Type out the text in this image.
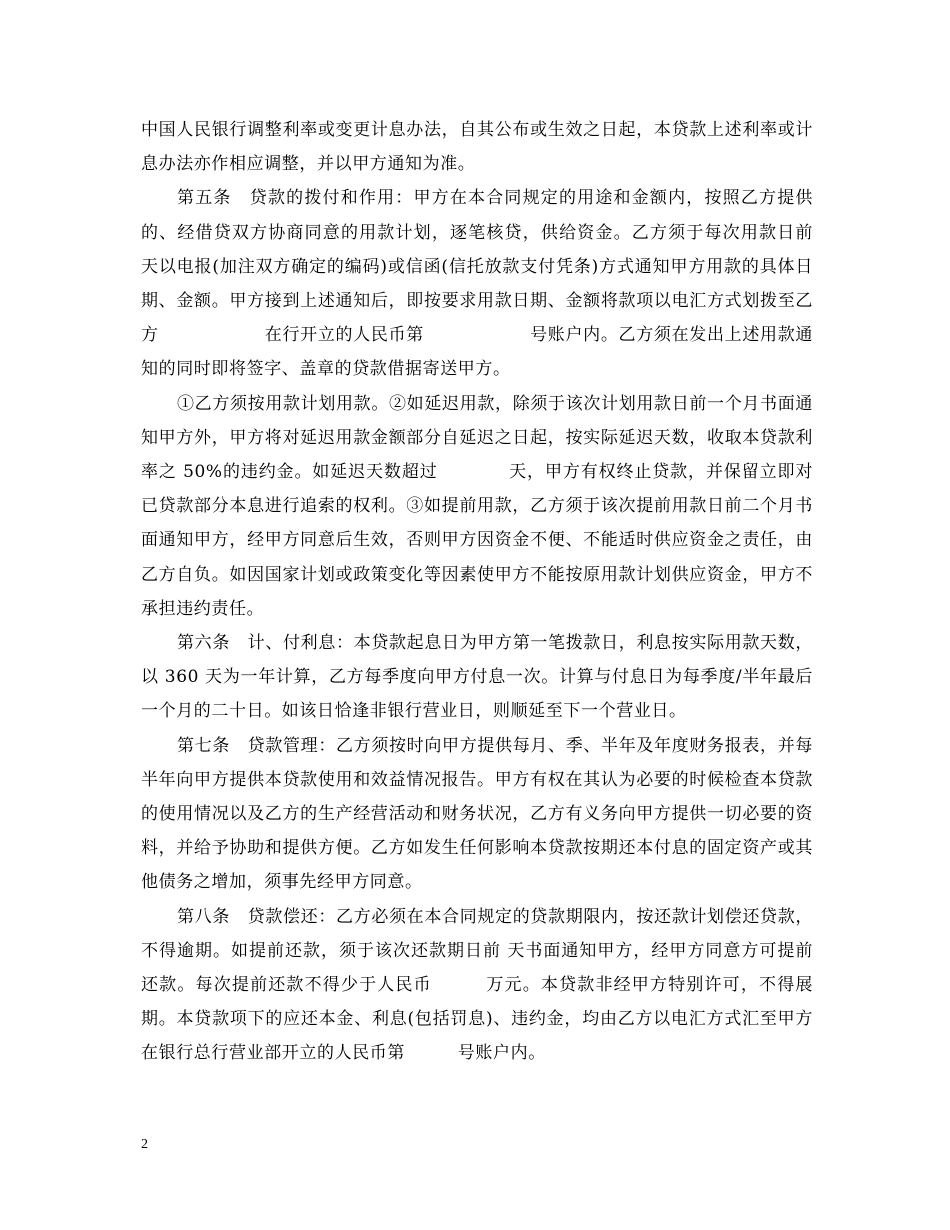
中国人民银行调整利率或变更计息办法，自其公布或生效之日起，本贷款上述利率或计息办法亦作相应调整，并以甲方通知为准。

第五条　贷款的拨付和作用：甲方在本合同规定的用途和金额内，按照乙方提供的、经借贷双方协商同意的用款计划，逐笔核贷，供给资金。乙方须于每次用款日前 天以电报(加注双方确定的编码)或信函(信托放款支付凭条)方式通知甲方用款的具体日期、金额。甲方接到上述通知后，即按要求用款日期、金额将款项以电汇方式划拨至乙方　　　　　　在行开立的人民币第　　　　　　号账户内。乙方须在发出上述用款通知的同时即将签字、盖章的贷款借据寄送甲方。

①乙方须按用款计划用款。②如延迟用款，除须于该次计划用款日前一个月书面通知甲方外，甲方将对延迟用款金额部分自延迟之日起，按实际延迟天数，收取本贷款利率之 50%的违约金。如延迟天数超过　　　　天，甲方有权终止贷款，并保留立即对已贷款部分本息进行追索的权利。③如提前用款，乙方须于该次提前用款日前二个月书面通知甲方，经甲方同意后生效，否则甲方因资金不便、不能适时供应资金之责任，由乙方自负。如因国家计划或政策变化等因素使甲方不能按原用款计划供应资金，甲方不承担违约责任。

第六条　计、付利息：本贷款起息日为甲方第一笔拨款日，利息按实际用款天数，以 360 天为一年计算，乙方每季度向甲方付息一次。计算与付息日为每季度/半年最后一个月的二十日。如该日恰逢非银行营业日，则顺延至下一个营业日。

第七条　贷款管理：乙方须按时向甲方提供每月、季、半年及年度财务报表，并每半年向甲方提供本贷款使用和效益情况报告。甲方有权在其认为必要的时候检查本贷款的使用情况以及乙方的生产经营活动和财务状况，乙方有义务向甲方提供一切必要的资料，并给予协助和提供方便。乙方如发生任何影响本贷款按期还本付息的固定资产或其他债务之增加，须事先经甲方同意。

第八条　贷款偿还：乙方必须在本合同规定的贷款期限内，按还款计划偿还贷款，不得逾期。如提前还款，须于该次还款期日前 天书面通知甲方，经甲方同意方可提前还款。每次提前还款不得少于人民币　　　万元。本贷款非经甲方特别许可，不得展期。本贷款项下的应还本金、利息(包括罚息)、违约金，均由乙方以电汇方式汇至甲方在银行总行营业部开立的人民币第　　　号账户内。

2
